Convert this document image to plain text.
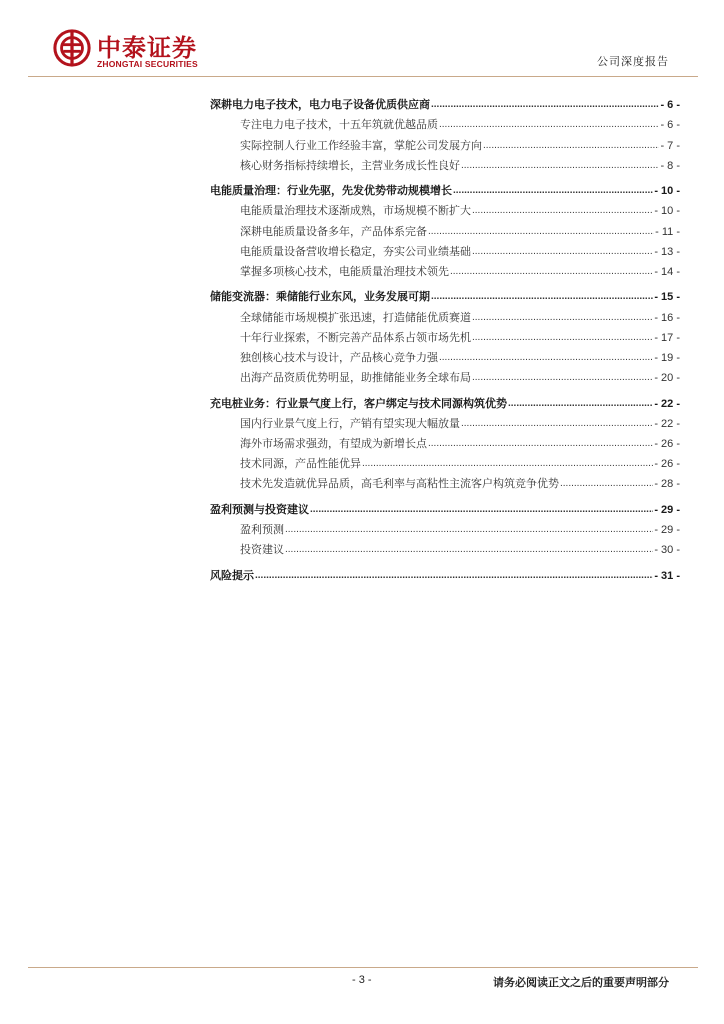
中泰证券
ZHONGTAI SECURITIES	公司深度报告
深耕电力电子技术，电力电子设备优质供应商 .....	- 6 -
专注电力电子技术，十五年筑就优越品质 .....	- 6 -
实际控制人行业工作经验丰富，掌舵公司发展方向 .....	- 7 -
核心财务指标持续增长，主营业务成长性良好 .....	- 8 -
电能质量治理：行业先驱，先发优势带动规模增长 .....	- 10 -
电能质量治理技术逐渐成熟，市场规模不断扩大 .....	- 10 -
深耕电能质量设备多年，产品体系完备 .....	- 11 -
电能质量设备营收增长稳定，夯实公司业绩基础 .....	- 13 -
掌握多项核心技术，电能质量治理技术领先 .....	- 14 -
储能变流器：乘储能行业东风，业务发展可期 .....	- 15 -
全球储能市场规模扩张迅速，打造储能优质赛道 .....	- 16 -
十年行业探索，不断完善产品体系占领市场先机 .....	- 17 -
独创核心技术与设计，产品核心竞争力强 .....	- 19 -
出海产品资质优势明显，助推储能业务全球布局 .....	- 20 -
充电桩业务：行业景气度上行，客户绑定与技术同源构筑优势 .....	- 22 -
国内行业景气度上行，产销有望实现大幅放量 .....	- 22 -
海外市场需求强劲，有望成为新增长点 .....	- 26 -
技术同源，产品性能优异 .....	- 26 -
技术先发造就优异品质，高毛利率与高粘性主流客户构筑竞争优势 .....	- 28 -
盈利预测与投资建议 .....	- 29 -
盈利预测 .....	- 29 -
投资建议 .....	- 30 -
风险提示 .....	- 31 -
- 3 -	请务必阅读正文之后的重要声明部分
